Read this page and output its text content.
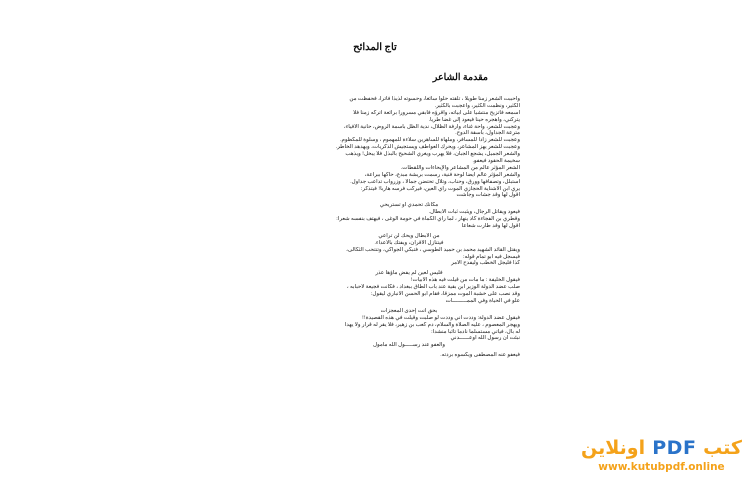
تاج المدائح
مقدمة الشاعر
وأحببت الشعر زمناً طويلاً ، تلقته حلواً سائغاً، وحسوته لذيذاً فاتراً، فحفظت من
الكثير، ونظمت الكثير، وأعجبت بالكثير.
أسمعه فاتزيح منتشيا على أبياته، وأقرؤه فأبقي مسروراً برائعة أتركه زمناً فلا
يتركني، وأهجره حيناً فيعود إلى غضاً طرياً.
وعجبت للشعر، واحة غناء، وارفة الظلال، ندية الظل باسمة الروض، حانية الأفياء،
مترعة الجداول، باسقة الدوح.
وعجبت للشعر زاداً للمسافر، وملهاة للساهرين سلاءة للمهموم ، وسلوة للمكظوم.
وعجبت للشعر يهز المشاعر، ويحرك العواطف ويستجيش الذكريات، ويهدهد الخاطر.
والشعر الجميل، يشجع الجبان، فلا يهرب ويغري الشحيح بالبذل فلا يبخل! ويذهب
سخيمة الحقود فيعفو.
الشعر المؤثر عالم من المشاعر والإيحاءات واللقطات.
والشعر المؤثر عالم أيضاً لوحة فنية، رسمت بريشة مبدع، حاكها ببراعة،
استبلل، وتصفافها وورق، وحناب، وتلال تحتضن جمالاً ، وزرواب تداعب جداول.
يري ابن الأشناية الحجازي الموت رأي العين، فيركب فرسه هارباً! فيتذكر:
أقول لها وقد جشأت وجاشت
مكانك تحمدي أو تستريحي
فيعود ويقاتل الرجال، ويثبت ثبات الأبطال.
وقطري بن الفجاءة كاد ينهار ، لما رأي الكماة في حومة الوغى ، فيهتف بنفسه شعراً:
أقول لها وقد طارت شعاعاً
من الأبطال ويحك لن تراعي
فيتنازل الأقران، ويفتك بالأعداء.
ويقتل القائد الشهيد محمد بن حميد الطوسي ، فتبكي الجواكي، وتنتحب الثكالى،
فيسجل فيه أبو تمام قوله:
كذا فليجل الخطب وليفدح الأمر
فليس لعين لم يفض ماؤها عذر
فيقول الخليفة : ما مات من قيلت فيه هذه الأبيات!
صلب عضد الدولة الوزير ابن بقية عند باب الطاق ببغداد ، فكانت فجيعة لأحبابه ،
وقد نصب على خشبة الموت ممزقاً، فقام أبو الحسن الأنباري ليقول:
علو في الحياة وفي الممـــــــــات
بحق أنت إحدى المعجزات
فيقول عضد الدولة: وددت أني وددت لو صلبت وقيلت في هذه القصيدة!!
ويهجر المعصوم ، عليه الصلاة والسلام، دم كعب بن زهير، فلا يقر له قرار ولا يهدأ
له بال، فيأتي مستسلماً نادماً تائباً منشداً:
نبئت أن رسول الله أوعــــــدني
والعفو عند رســـــول الله مأمول
فيعفو عنه المصطفى ويكسوه بردته.
كتب PDF اونلاين
www.kutubpdf.online
